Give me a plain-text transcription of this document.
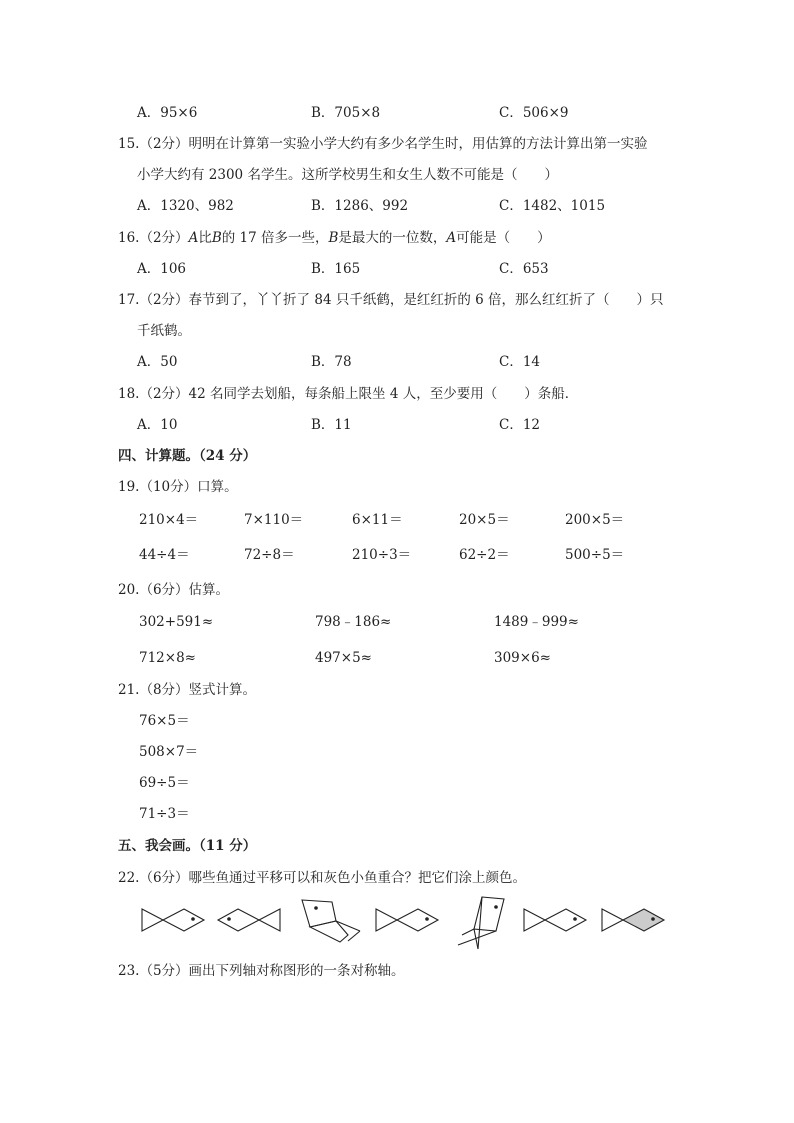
A．95×6	B．705×8	C．506×9
15.（2分）明明在计算第一实验小学大约有多少名学生时，用估算的方法计算出第一实验
小学大约有 2300 名学生。这所学校男生和女生人数不可能是（　　）
A．1320、982	B．1286、992	C．1482、1015
16.（2分）A比B的 17 倍多一些，B是最大的一位数，A可能是（　　）
A．106	B．165	C．653
17.（2分）春节到了，丫丫折了 84 只千纸鹤，是红红折的 6 倍，那么红红折了（　　）只
千纸鹤。
A．50	B．78	C．14
18.（2分）42 名同学去划船，每条船上限坐 4 人，至少要用（　　）条船．
A．10	B．11	C．12
四、计算题。（24 分）
19.（10分）口算。
210×4＝	7×110＝	6×11＝	20×5＝	200×5＝
44÷4＝	72÷8＝	210÷3＝	62÷2＝	500÷5＝
20.（6分）估算。
302+591≈	798﹣186≈	1489﹣999≈
712×8≈	497×5≈	309×6≈
21.（8分）竖式计算。
76×5＝
508×7＝
69÷5＝
71÷3＝
五、我会画。（11 分）
22.（6分）哪些鱼通过平移可以和灰色小鱼重合？把它们涂上颜色。
23.（5分）画出下列轴对称图形的一条对称轴。
